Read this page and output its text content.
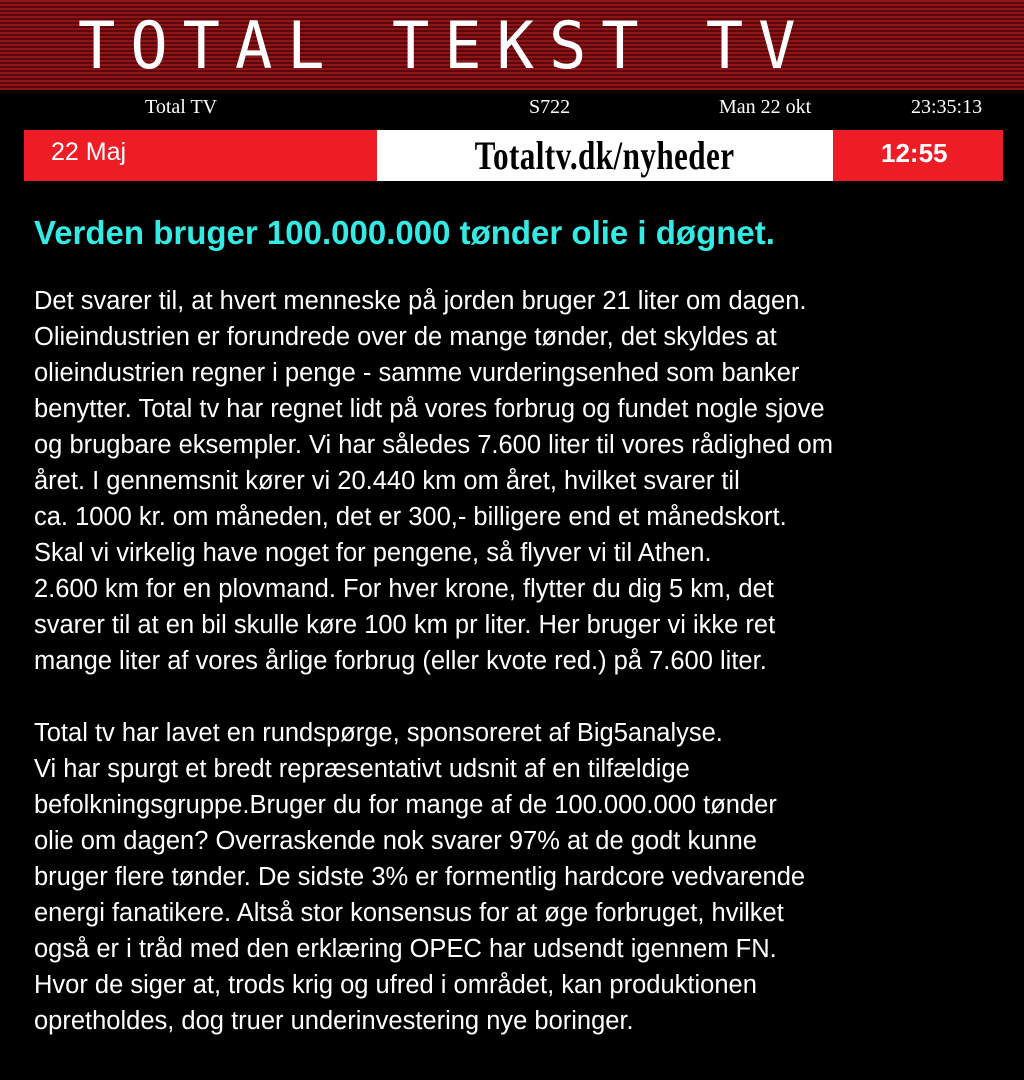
TOTAL TEKST TV
Total TV	S722	Man 22 okt	23:35:13
22 Maj	Totaltv.dk/nyheder	12:55
Verden bruger 100.000.000 tønder olie i døgnet.
Det svarer til, at hvert menneske på jorden bruger 21 liter om dagen.
Olieindustrien er forundrede over de mange tønder, det skyldes at
olieindustrien regner i penge - samme vurderingsenhed som banker
benytter. Total tv har regnet lidt på vores forbrug og fundet nogle sjove
og brugbare eksempler. Vi har således 7.600 liter til vores rådighed om
året. I gennemsnit kører vi 20.440 km om året, hvilket svarer til
ca. 1000 kr. om måneden, det er 300,- billigere end et månedskort.
Skal vi virkelig have noget for pengene, så flyver vi til Athen.
2.600 km for en plovmand. For hver krone, flytter du dig 5 km, det
svarer til at en bil skulle køre 100 km pr liter. Her bruger vi ikke ret
mange liter af vores årlige forbrug (eller kvote red.) på 7.600 liter.
Total tv har lavet en rundspørge, sponsoreret af Big5analyse.
Vi har spurgt et bredt repræsentativt udsnit af en tilfældige
befolkningsgruppe.Bruger du for mange af de 100.000.000 tønder
olie om dagen? Overraskende nok svarer 97% at de godt kunne
bruger flere tønder. De sidste 3% er formentlig hardcore vedvarende
energi fanatikere. Altså stor konsensus for at øge forbruget, hvilket
også er i tråd med den erklæring OPEC har udsendt igennem FN.
Hvor de siger at, trods krig og ufred i området, kan produktionen
opretholdes, dog truer underinvestering nye boringer.
